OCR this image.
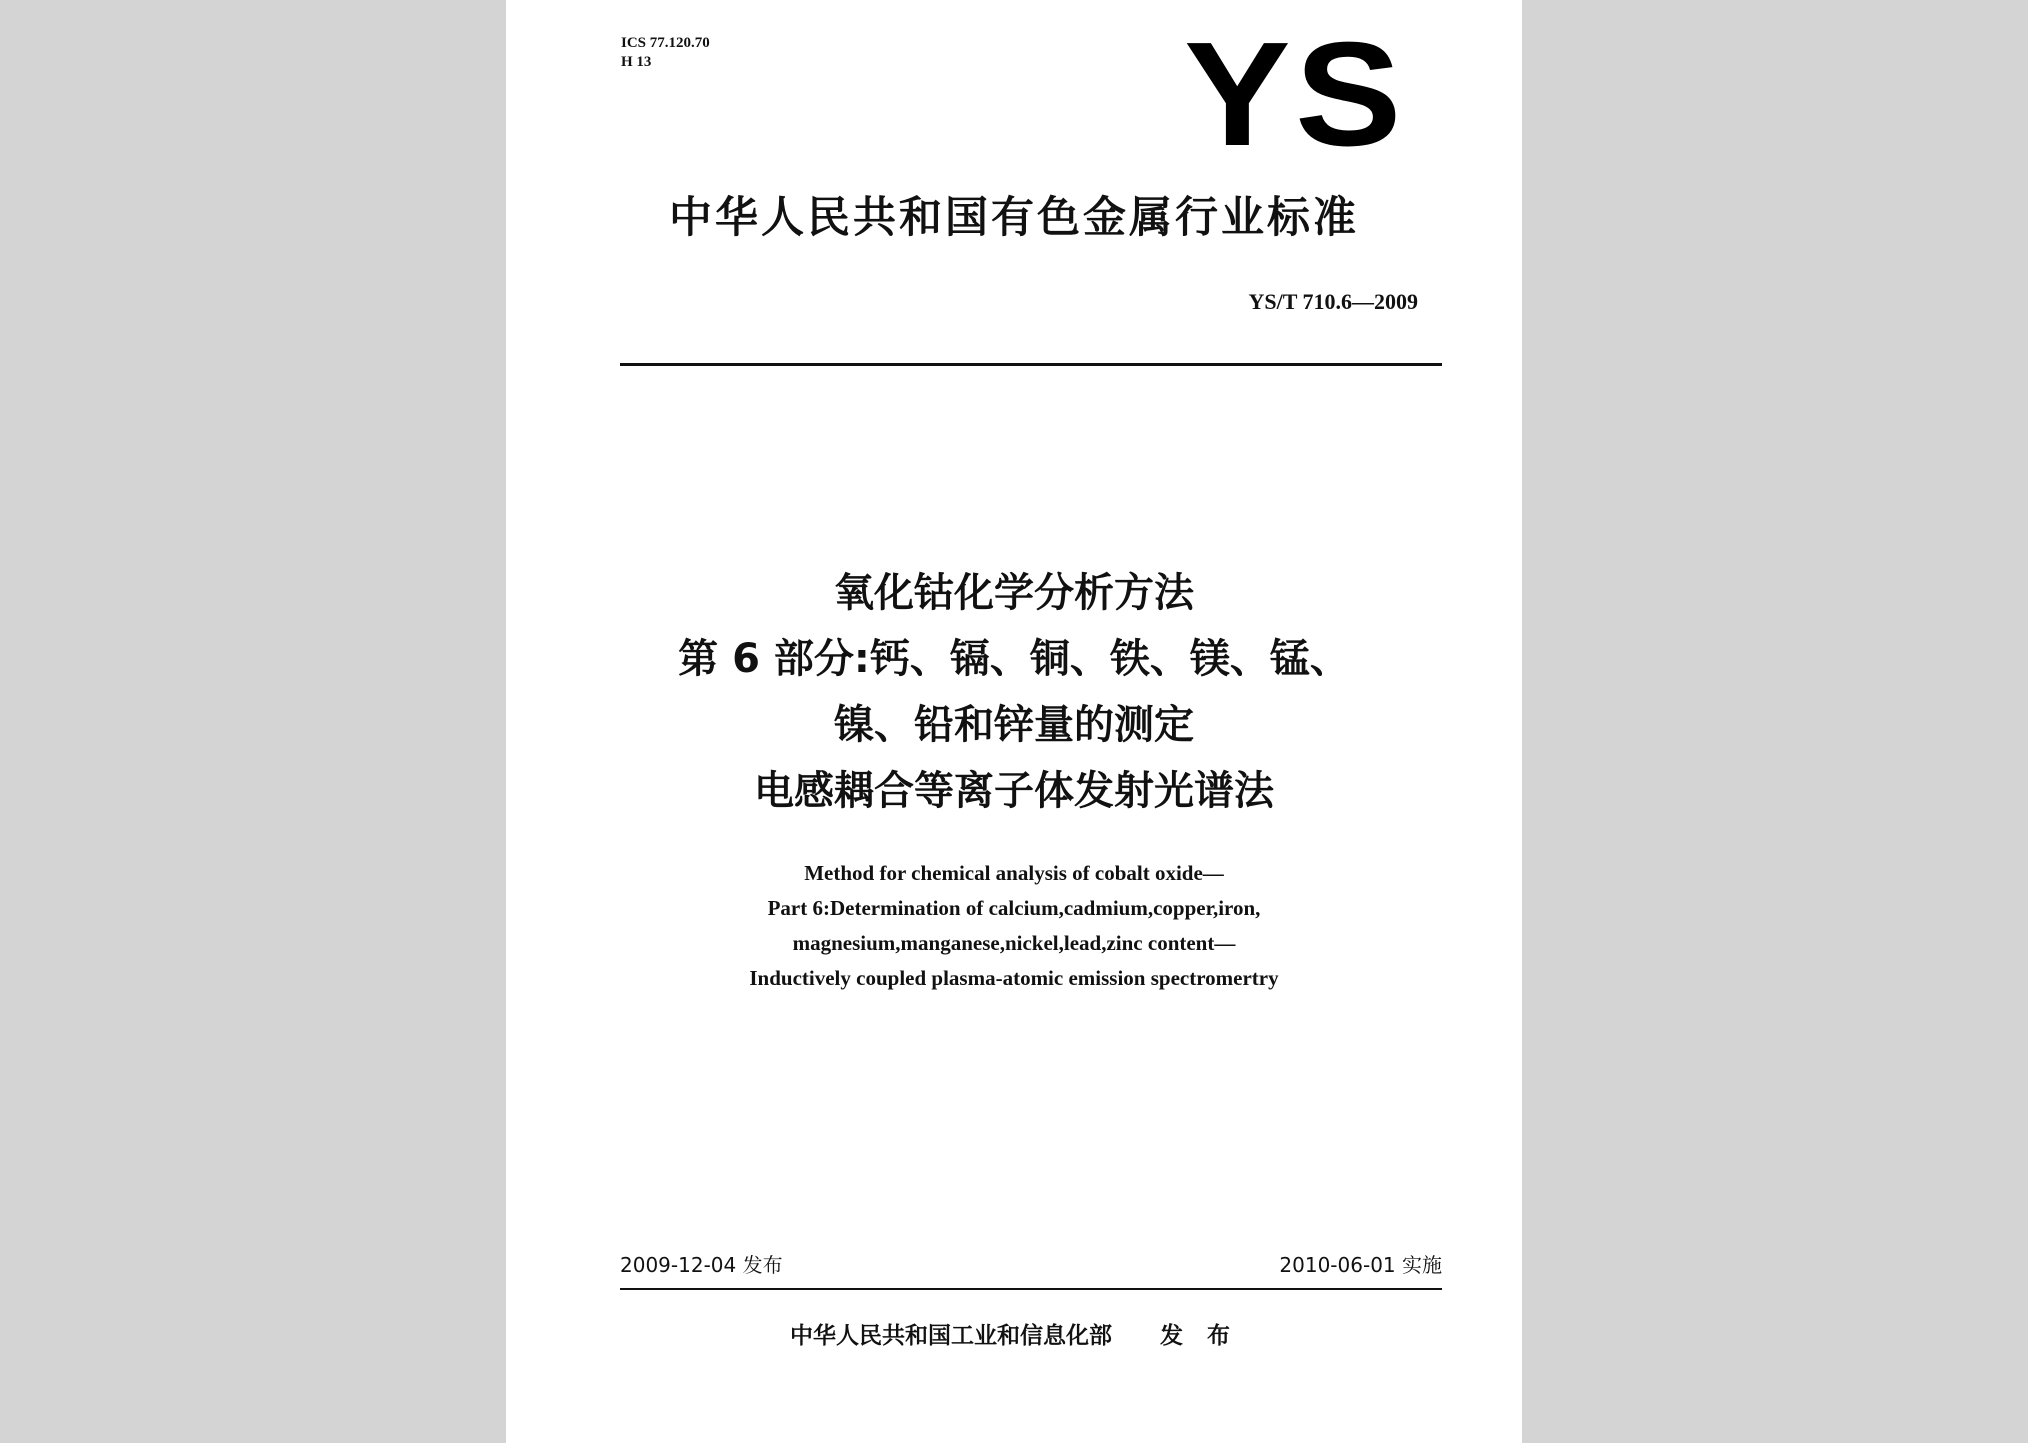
ICS 77.120.70
H 13	YS
中华人民共和国有色金属行业标准
YS/T 710.6—2009
氧化钴化学分析方法
第 6 部分:钙、镉、铜、铁、镁、锰、
镍、铅和锌量的测定
电感耦合等离子体发射光谱法
Method for chemical analysis of cobalt oxide—
Part 6:Determination of calcium,cadmium,copper,iron,
magnesium,manganese,nickel,lead,zinc content—
Inductively coupled plasma-atomic emission spectromertry
2009-12-04 发布	2010-06-01 实施
中华人民共和国工业和信息化部 发 布
